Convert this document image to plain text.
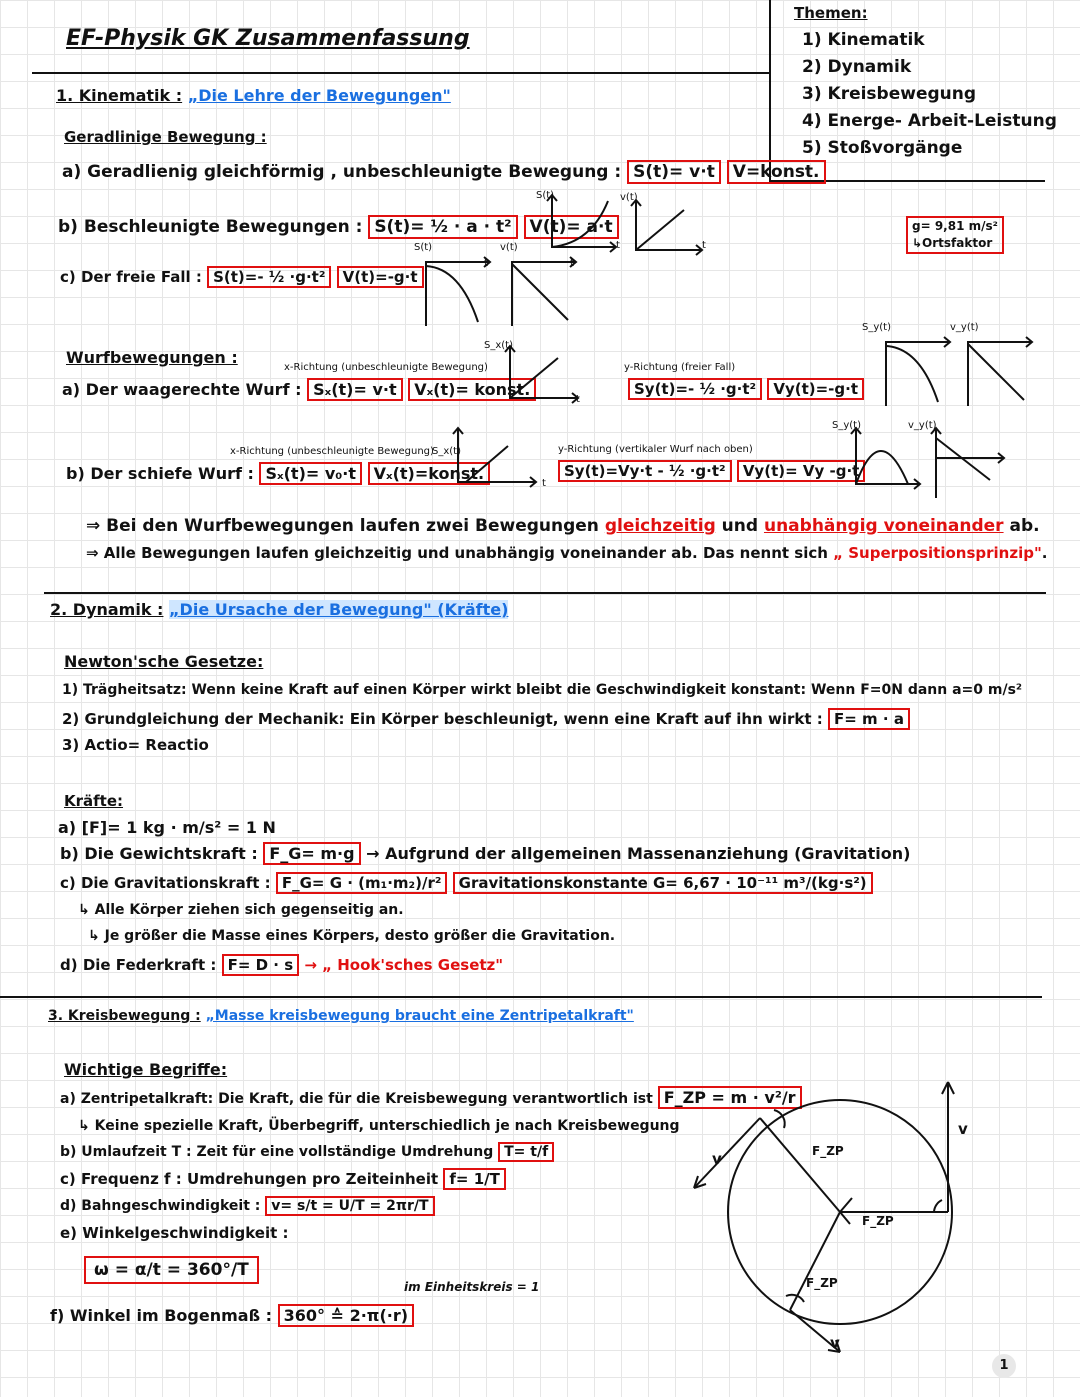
EF-Physik GK Zusammenfassung
Themen:
1) Kinematik
2) Dynamik
3) Kreisbewegung
4) Energe- Arbeit-Leistung
5) Stoßvorgänge
g= 9,81 m/s²
↳Ortsfaktor
1. Kinematik : „Die Lehre der Bewegungen"
Geradlinige Bewegung :
a) Geradlienig gleichförmig , unbeschleunigte Bewegung : S(t)= v·t V=konst.
b) Beschleunigte Bewegungen : S(t)= ½ · a · t² V(t)= a·t
c) Der freie Fall : S(t)=- ½ ·g·t² V(t)=-g·t
S(t)
t
v(t)
t
S(t)
t
v(t)
t
Wurfbewegungen :
x-Richtung (unbeschleunigte Bewegung)
a) Der waagerechte Wurf : Sₓ(t)= v·t Vₓ(t)= konst.
S_x(t)
t
y-Richtung (freier Fall)
Sy(t)=- ½ ·g·t² Vy(t)=-g·t
S_y(t)	v_y(t)
x-Richtung (unbeschleunigte Bewegung)
b) Der schiefe Wurf : Sₓ(t)= v₀·t Vₓ(t)=konst.
S_x(t)
t
y-Richtung (vertikaler Wurf nach oben)
Sy(t)=Vy·t - ½ ·g·t² Vy(t)= Vy -g·t
S_y(t)	v_y(t)
⇒ Bei den Wurfbewegungen laufen zwei Bewegungen gleichzeitig und unabhängig voneinander ab.
⇒ Alle Bewegungen laufen gleichzeitig und unabhängig voneinander ab. Das nennt sich „ Superpositionsprinzip".
2. Dynamik : „Die Ursache der Bewegung" (Kräfte)
Newton'sche Gesetze:
1) Trägheitsatz: Wenn keine Kraft auf einen Körper wirkt bleibt die Geschwindigkeit konstant: Wenn F=0N dann a=0 m/s²
2) Grundgleichung der Mechanik: Ein Körper beschleunigt, wenn eine Kraft auf ihn wirkt : F= m · a
3) Actio= Reactio
Kräfte:
a) [F]= 1 kg · m/s² = 1 N
b) Die Gewichtskraft : F_G= m·g → Aufgrund der allgemeinen Massenanziehung (Gravitation)
c) Die Gravitationskraft : F_G= G · (m₁·m₂)/r² Gravitationskonstante G= 6,67 · 10⁻¹¹ m³/(kg·s²)
↳ Alle Körper ziehen sich gegenseitig an.
↳ Je größer die Masse eines Körpers, desto größer die Gravitation.
d) Die Federkraft : F= D · s → „ Hook'sches Gesetz"
3. Kreisbewegung : „Masse kreisbewegung braucht eine Zentripetalkraft"
Wichtige Begriffe:
a) Zentripetalkraft: Die Kraft, die für die Kreisbewegung verantwortlich ist F_ZP = m · v²/r
↳ Keine spezielle Kraft, Überbegriff, unterschiedlich je nach Kreisbewegung
b) Umlaufzeit T : Zeit für eine vollständige Umdrehung T= t/f
c) Frequenz f : Umdrehungen pro Zeiteinheit f= 1/T
d) Bahngeschwindigkeit : v= s/t = U/T = 2πr/T
e) Winkelgeschwindigkeit :
ω = α/t = 360°/T
im Einheitskreis = 1
f) Winkel im Bogenmaß : 360° ≙ 2·π(·r)
v
v
v
F_ZP
F_ZP
F_ZP
1
